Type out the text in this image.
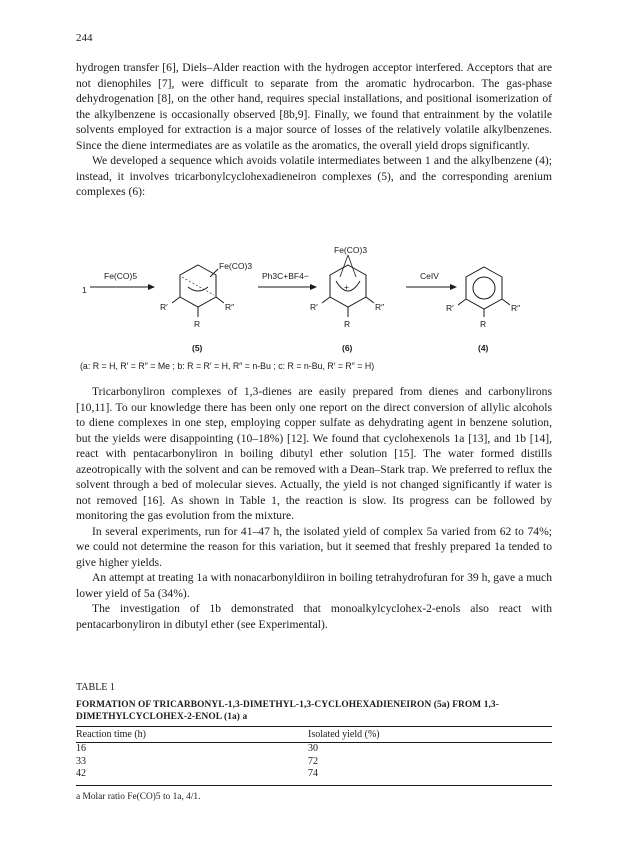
244

hydrogen transfer [6], Diels–Alder reaction with the hydrogen acceptor interfered. Acceptors that are not dienophiles [7], were difficult to separate from the aromatic hydrocarbon. The gas-phase dehydrogenation [8], on the other hand, requires special installations, and positional isomerization of the alkylbenzene is occasionally observed [8b,9]. Finally, we found that entrainment by the volatile solvents employed for extraction is a major source of losses of the relatively volatile alkylbenzenes. Since the diene intermediates are as volatile as the aromatics, the overall yield drops significantly.

We developed a sequence which avoids volatile intermediates between 1 and the alkylbenzene (4); instead, it involves tricarbonylcyclohexadieneiron complexes (5), and the corresponding arenium complexes (6):

1
Fe(CO)5
Fe(CO)3
R′	R″
R
Ph3C+BF4−
+
Fe(CO)3
R′	R″
R
CeIV
R′	R″
R
(5)	(6)	(4)
(a: R = H, R′ = R″ = Me ; b: R = R′ = H, R″ = n-Bu ; c: R = n-Bu, R′ = R″ = H)

Tricarbonyliron complexes of 1,3-dienes are easily prepared from dienes and carbonylirons [10,11]. To our knowledge there has been only one report on the direct conversion of allylic alcohols to diene complexes in one step, employing copper sulfate as dehydrating agent in benzene solution, but the yields were disappointing (10–18%) [12]. We found that cyclohexenols 1a [13], and 1b [14], react with pentacarbonyliron in boiling dibutyl ether solution [15]. The water formed distills azeotropically with the solvent and can be removed with a Dean–Stark trap. We preferred to reflux the solvent through a bed of molecular sieves. Actually, the yield is not changed significantly if water is not removed [16]. As shown in Table 1, the reaction is slow. Its progress can be followed by monitoring the gas evolution from the mixture.

In several experiments, run for 41–47 h, the isolated yield of complex 5a varied from 62 to 74%; we could not determine the reason for this variation, but it seemed that freshly prepared 1a tended to give higher yields.

An attempt at treating 1a with nonacarbonyldiiron in boiling tetrahydrofuran for 39 h, gave a much lower yield of 5a (34%).

The investigation of 1b demonstrated that monoalkylcyclohex-2-enols also react with pentacarbonyliron in dibutyl ether (see Experimental).

TABLE 1

FORMATION OF TRICARBONYL-1,3-DIMETHYL-1,3-CYCLOHEXADIENEIRON (5a) FROM 1,3-DIMETHYLCYCLOHEX-2-ENOL (1a) a

Reaction time (h)	Isolated yield (%)
16	30
33	72
42	74

a Molar ratio Fe(CO)5 to 1a, 4/1.
